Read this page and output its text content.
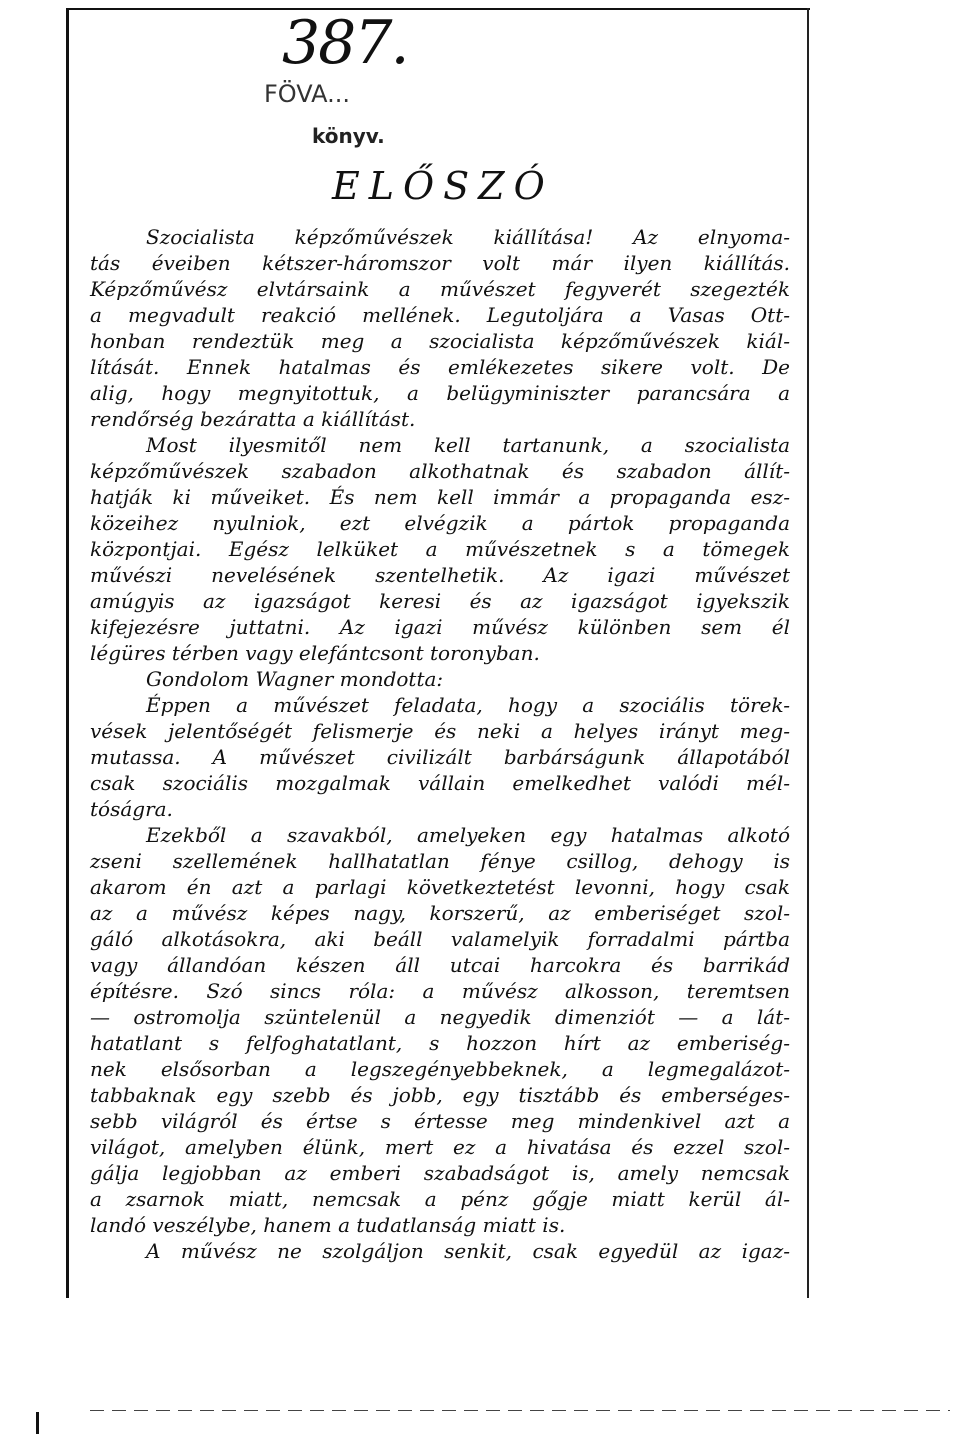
387.
FÖVA...
könyv.
ELŐSZÓ
Szocialista képzőművészek kiállítása! Az elnyoma-
tás éveiben kétszer-háromszor volt már ilyen kiállítás.
Képzőművész elvtársaink a művészet fegyverét szegezték
a megvadult reakció mellének. Legutoljára a Vasas Ott-
honban rendeztük meg a szocialista képzőművészek kiál-
lítását. Ennek hatalmas és emlékezetes sikere volt. De
alig, hogy megnyitottuk, a belügyminiszter parancsára a
rendőrség bezáratta a kiállítást.
Most ilyesmitől nem kell tartanunk, a szocialista
képzőművészek szabadon alkothatnak és szabadon állít-
hatják ki műveiket. És nem kell immár a propaganda esz-
közeihez nyulniok, ezt elvégzik a pártok propaganda
központjai. Egész lelküket a művészetnek s a tömegek
művészi nevelésének szentelhetik. Az igazi művészet
amúgyis az igazságot keresi és az igazságot igyekszik
kifejezésre juttatni. Az igazi művész különben sem él
légüres térben vagy elefántcsont toronyban.
Gondolom Wagner mondotta:
Éppen a művészet feladata, hogy a szociális törek-
vések jelentőségét felismerje és neki a helyes irányt meg-
mutassa. A művészet civilizált barbárságunk állapotából
csak szociális mozgalmak vállain emelkedhet valódi mél-
tóságra.
Ezekből a szavakból, amelyeken egy hatalmas alkotó
zseni szellemének hallhatatlan fénye csillog, dehogy is
akarom én azt a parlagi következtetést levonni, hogy csak
az a művész képes nagy, korszerű, az emberiséget szol-
gáló alkotásokra, aki beáll valamelyik forradalmi pártba
vagy állandóan készen áll utcai harcokra és barrikád
építésre. Szó sincs róla: a művész alkosson, teremtsen
— ostromolja szüntelenül a negyedik dimenziót — a lát-
hatatlant s felfoghatatlant, s hozzon hírt az emberiség-
nek elsősorban a legszegényebbeknek, a legmegalázot-
tabbaknak egy szebb és jobb, egy tisztább és emberséges-
sebb világról és értse s értesse meg mindenkivel azt a
világot, amelyben élünk, mert ez a hivatása és ezzel szol-
gálja legjobban az emberi szabadságot is, amely nemcsak
a zsarnok miatt, nemcsak a pénz gőgje miatt kerül ál-
landó veszélybe, hanem a tudatlanság miatt is.
A művész ne szolgáljon senkit, csak egyedül az igaz-
